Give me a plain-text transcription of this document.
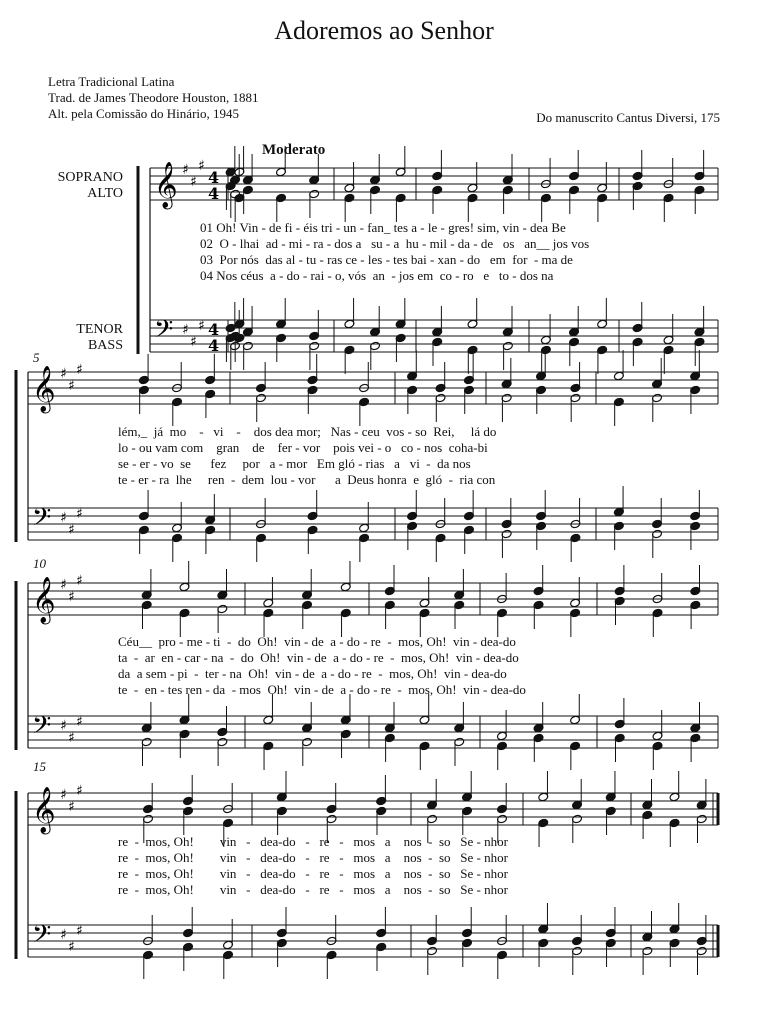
Adoremos ao Senhor
Letra Tradicional Latina
Trad. de James Theodore Houston, 1881
Alt. pela Comissão do Hinário, 1945	Do manuscrito Cantus Diversi, 175
Moderato
SOPRANO
ALTO
TENOR
BASS
5
10
15
01 Oh! Vin - de fi - éis tri - un - fan_ tes a - le - gres! sim, vin - dea Be
02  O - lhai  ad - mi - ra - dos a   su - a  hu - mil - da - de   os   an__ jos vos
03  Por nós  das al - tu - ras ce - les - tes bai - xan - do   em  for  - ma de
04 Nos céus  a - do - rai - o, vós  an  - jos em  co - ro   e   to - dos na
lém,_  já  mo    -   vi    -    dos dea mor;   Nas - ceu  vos - so  Rei,     lá do
lo - ou vam com    gran    de    fer - vor    pois vei - o   co - nos  coha-bi
se - er - vo  se      fez     por   a - mor   Em gló - rias   a   vi  -  da nos
te - er - ra  lhe     ren  -  dem  lou - vor      a  Deus honra  e  gló  -  ria con
Céu__  pro - me - ti  -  do  Oh!  vin - de  a - do - re  -  mos, Oh!  vin - dea-do
ta  -  ar  en - car - na  -  do  Oh!  vin - de  a - do - re  -  mos, Oh!  vin - dea-do
da  a sem - pi  -  ter - na  Oh!  vin - de  a - do - re  -  mos, Oh!  vin - dea-do
te  -  en - tes ren - da  - mos  Oh!  vin - de  a - do - re  -  mos, Oh!  vin - dea-do
re  -  mos, Oh!        vin   -   dea-do   -   re   -   mos   a    nos  -  so   Se - nhor
re  -  mos, Oh!        vin   -   dea-do   -   re   -   mos   a    nos  -  so   Se - nhor
re  -  mos, Oh!        vin   -   dea-do   -   re   -   mos   a    nos  -  so   Se - nhor
re  -  mos, Oh!        vin   -   dea-do   -   re   -   mos   a    nos  -  so   Se - nhor
𝄞 ♯
♯
♯
4
4
𝄢 ♯
♯
♯ 4
4
𝄞 ♯
♯
♯
𝄢 ♯
♯
♯
𝄞 ♯
♯
♯
𝄢 ♯
♯
♯
𝄞 ♯
♯
♯
𝄢 ♯
♯
♯
